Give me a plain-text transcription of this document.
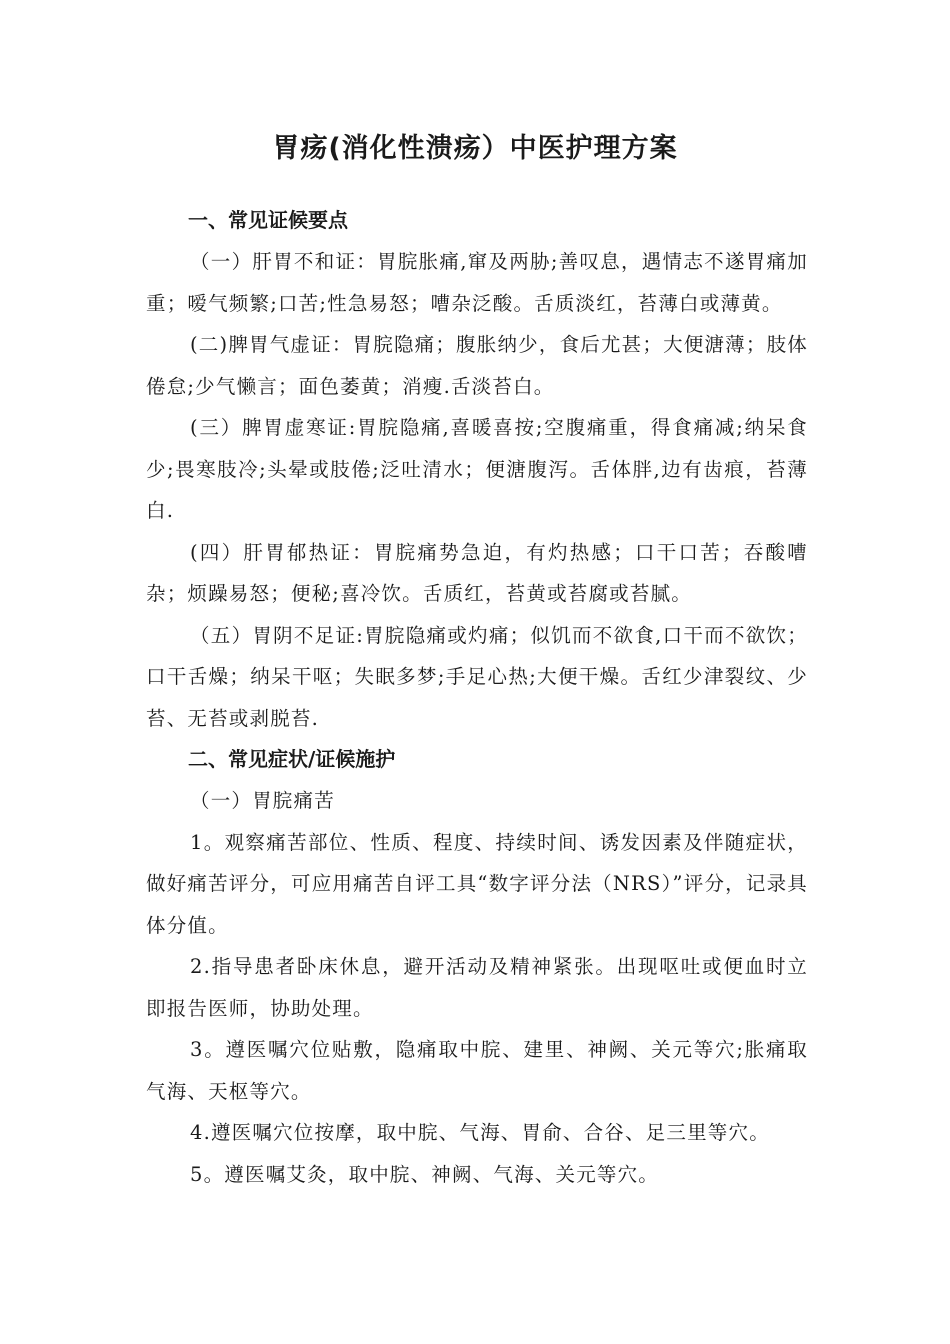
胃疡(消化性溃疡）中医护理方案

一、常见证候要点

（一）肝胃不和证：胃脘胀痛,窜及两胁;善叹息，遇情志不遂胃痛加重；嗳气频繁;口苦;性急易怒；嘈杂泛酸。舌质淡红，苔薄白或薄黄。

(二)脾胃气虚证：胃脘隐痛；腹胀纳少，食后尤甚；大便溏薄；肢体倦怠;少气懒言；面色萎黄；消瘦.舌淡苔白。

(三）脾胃虚寒证:胃脘隐痛,喜暖喜按;空腹痛重，得食痛减;纳呆食少;畏寒肢冷;头晕或肢倦;泛吐清水；便溏腹泻。舌体胖,边有齿痕，苔薄白.

(四）肝胃郁热证：胃脘痛势急迫，有灼热感；口干口苦；吞酸嘈杂；烦躁易怒；便秘;喜冷饮。舌质红，苔黄或苔腐或苔腻。

（五）胃阴不足证:胃脘隐痛或灼痛；似饥而不欲食,口干而不欲饮；口干舌燥；纳呆干呕；失眠多梦;手足心热;大便干燥。舌红少津裂纹、少苔、无苔或剥脱苔.

二、常见症状/证候施护

（一）胃脘痛苦

1。观察痛苦部位、性质、程度、持续时间、诱发因素及伴随症状，做好痛苦评分，可应用痛苦自评工具“数字评分法（NRS）”评分，记录具体分值。

2.指导患者卧床休息，避开活动及精神紧张。出现呕吐或便血时立即报告医师，协助处理。

3。遵医嘱穴位贴敷，隐痛取中脘、建里、神阙、关元等穴;胀痛取气海、天枢等穴。

4.遵医嘱穴位按摩，取中脘、气海、胃俞、合谷、足三里等穴。

5。遵医嘱艾灸，取中脘、神阙、气海、关元等穴。
